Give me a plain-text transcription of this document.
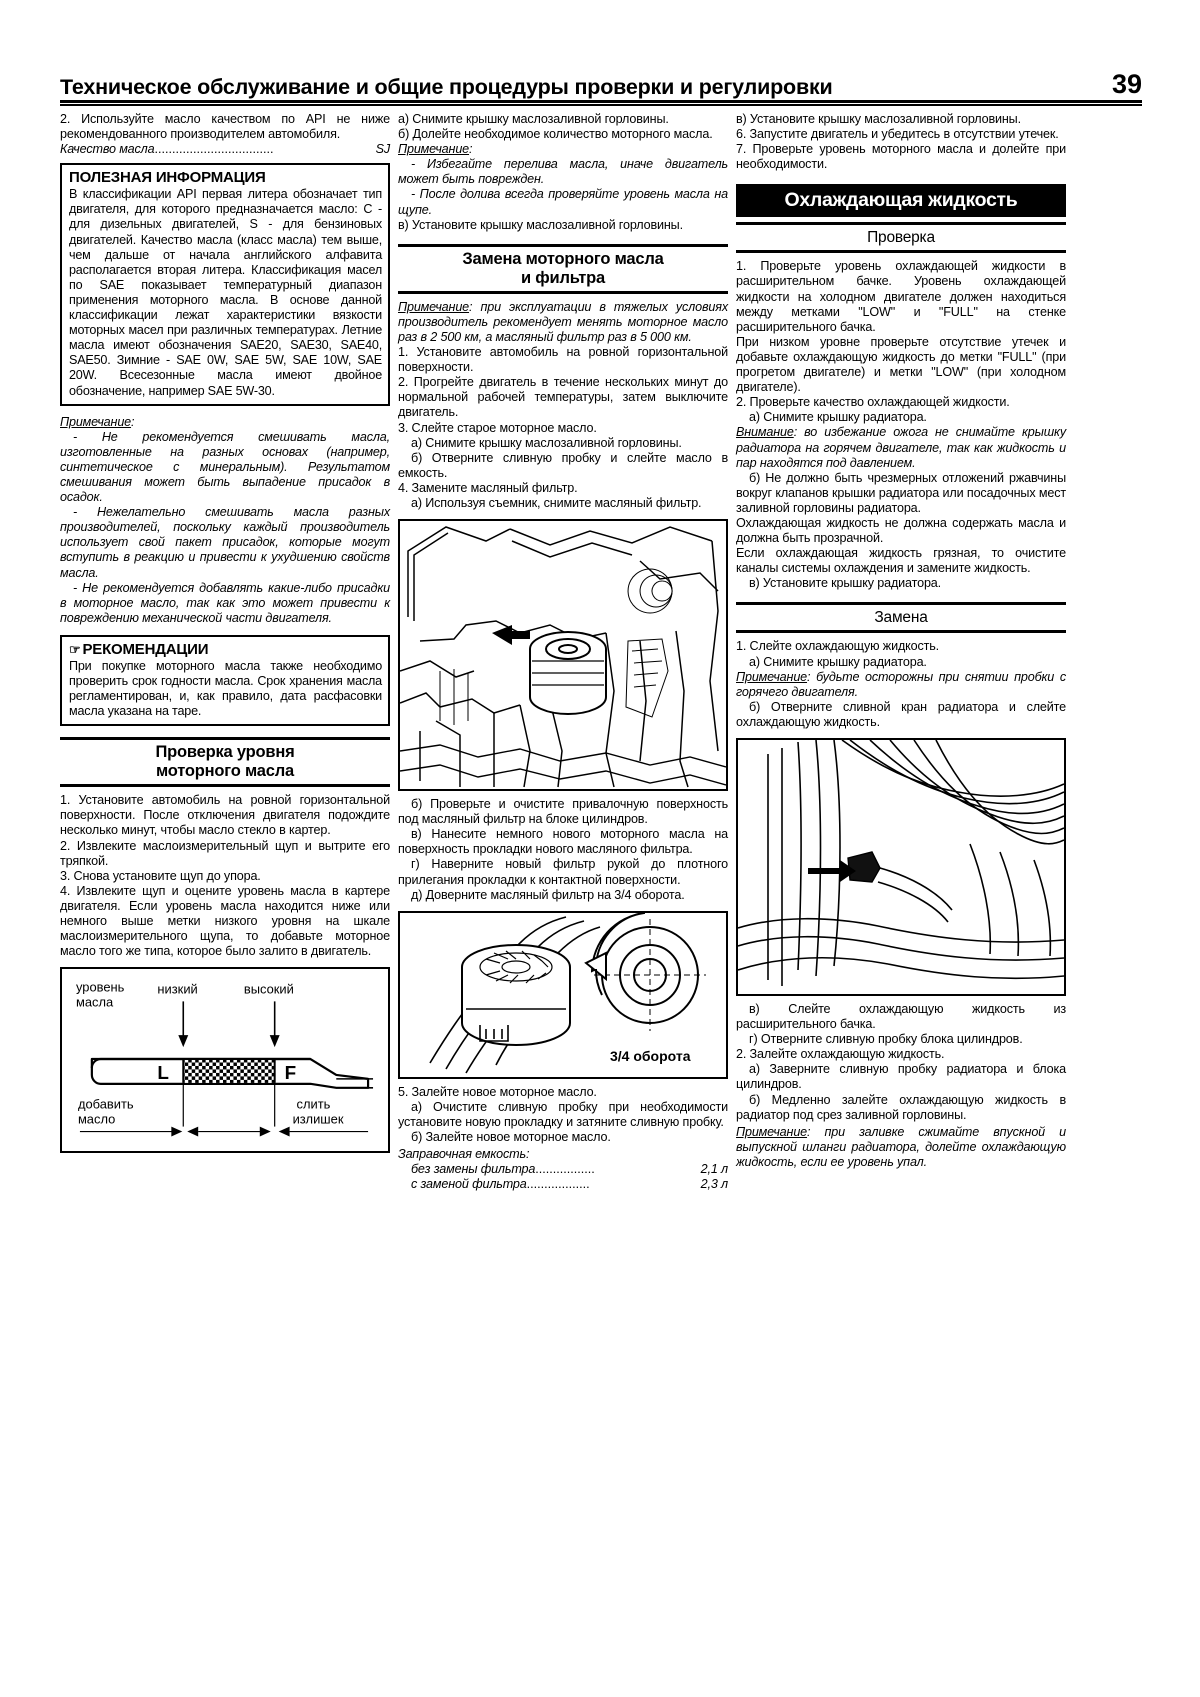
Техническое обслуживание и общие процедуры проверки и регулировки	39

2. Используйте масло качеством по API не ниже рекомендованного производителем автомобиля.

Качество масла ..................................	SJ

ПОЛЕЗНАЯ ИНФОРМАЦИЯ

В классификации API первая литера обозначает тип двигателя, для которого предназначается масло: C - для дизельных двигателей, S - для бензиновых двигателей. Качество масла (класс масла) тем выше, чем дальше от начала английского алфавита располагается вторая литера. Классификация масел по SAE показывает температурный диапазон применения моторного масла. В основе данной классификации лежат характеристики вязкости моторных масел при различных температурах. Летние масла имеют обозначения SAE20, SAE30, SAE40, SAE50. Зимние - SAE 0W, SAE 5W, SAE 10W, SAE 20W. Всесезонные масла имеют двойное обозначение, например SAE 5W-30.

Примечание:

- Не рекомендуется смешивать масла, изготовленные на разных основах (например, синтетическое с минеральным). Результатом смешивания может быть выпадение присадок в осадок.

- Нежелательно смешивать масла разных производителей, поскольку каждый производитель использует свой пакет присадок, которые могут вступить в реакцию и привести к ухудшению свойств масла.

- Не рекомендуется добавлять какие-либо присадки в моторное масло, так как это может привести к повреждению механической части двигателя.

☞ РЕКОМЕНДАЦИИ

При покупке моторного масла также необходимо проверить срок годности масла. Срок хранения масла регламентирован, и, как правило, дата расфасовки масла указана на таре.

Проверка уровня
моторного масла

1. Установите автомобиль на ровной горизонтальной поверхности. После отключения двигателя подождите несколько минут, чтобы масло стекло в картер.

2. Извлеките маслоизмерительный щуп и вытрите его тряпкой.

3. Снова установите щуп до упора.

4. Извлеките щуп и оцените уровень масла в картере двигателя. Если уровень масла находится ниже или немного выше метки низкого уровня на шкале маслоизмерительного щупа, то добавьте моторное масло того же типа, которое было залито в двигатель.

уровень
масла
низкий	высокий
L	F
добавить
масло
слить
излишек

а) Снимите крышку маслозаливной горловины.

б) Долейте необходимое количество моторного масла.

Примечание:

- Избегайте перелива масла, иначе двигатель может быть поврежден.

- После долива всегда проверяйте уровень масла на щупе.

в) Установите крышку маслозаливной горловины.

Замена моторного масла
и фильтра

Примечание: при эксплуатации в тяжелых условиях производитель рекомендует менять моторное масло раз в 2 500 км, а масляный фильтр раз в 5 000 км.

1. Установите автомобиль на ровной горизонтальной поверхности.

2. Прогрейте двигатель в течение нескольких минут до нормальной рабочей температуры, затем выключите двигатель.

3. Слейте старое моторное масло.

а) Снимите крышку маслозаливной горловины.

б) Отверните сливную пробку и слейте масло в емкость.

4. Замените масляный фильтр.

а) Используя съемник, снимите масляный фильтр.

б) Проверьте и очистите привалочную поверхность под масляный фильтр на блоке цилиндров.

в) Нанесите немного нового моторного масла на поверхность прокладки нового масляного фильтра.

г) Наверните новый фильтр рукой до плотного прилегания прокладки к контактной поверхности.

д) Доверните масляный фильтр на 3/4 оборота.

3/4 оборота

5. Залейте новое моторное масло.

а) Очистите сливную пробку при необходимости установите новую прокладку и затяните сливную пробку.

б) Залейте новое моторное масло.

Заправочная емкость:

без замены фильтра .................	2,1 л

с заменой фильтра ..................	2,3 л

в) Установите крышку маслозаливной горловины.

6. Запустите двигатель и убедитесь в отсутствии утечек.

7. Проверьте уровень моторного масла и долейте при необходимости.

Охлаждающая жидкость
Проверка

1. Проверьте уровень охлаждающей жидкости в расширительном бачке. Уровень охлаждающей жидкости на холодном двигателе должен находиться между метками "LOW" и "FULL" на стенке расширительного бачка.

При низком уровне проверьте отсутствие утечек и добавьте охлаждающую жидкость до метки "FULL" (при прогретом двигателе) и метки "LOW" (при холодном двигателе).

2. Проверьте качество охлаждающей жидкости.

а) Снимите крышку радиатора.

Внимание: во избежание ожога не снимайте крышку радиатора на горячем двигателе, так как жидкость и пар находятся под давлением.

б) Не должно быть чрезмерных отложений ржавчины вокруг клапанов крышки радиатора или посадочных мест заливной горловины радиатора.

Охлаждающая жидкость не должна содержать масла и должна быть прозрачной.

Если охлаждающая жидкость грязная, то очистите каналы системы охлаждения и замените жидкость.

в) Установите крышку радиатора.

Замена

1. Слейте охлаждающую жидкость.

а) Снимите крышку радиатора.

Примечание: будьте осторожны при снятии пробки с горячего двигателя.

б) Отверните сливной кран радиатора и слейте охлаждающую жидкость.

в) Слейте охлаждающую жидкость из расширительного бачка.

г) Отверните сливную пробку блока цилиндров.

2. Залейте охлаждающую жидкость.

а) Заверните сливную пробку радиатора и блока цилиндров.

б) Медленно залейте охлаждающую жидкость в радиатор под срез заливной горловины.

Примечание: при заливке сжимайте впускной и выпускной шланги радиатора, долейте охлаждающую жидкость, если ее уровень упал.
